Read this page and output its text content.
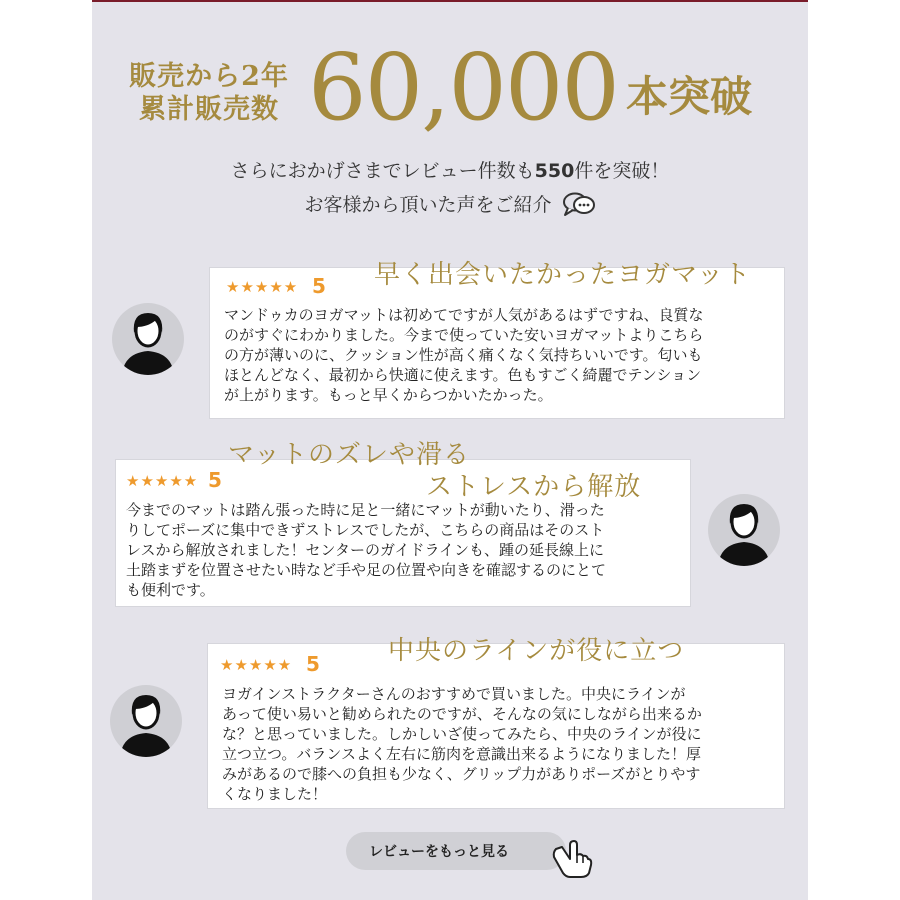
販売から2年
累計販売数 60,000 本突破
さらにおかげさまでレビュー件数も550件を突破！
お客様から頂いた声をご紹介
★★★★★ 5
マンドゥカのヨガマットは初めてですが人気があるはずですね、良質な
のがすぐにわかりました。今まで使っていた安いヨガマットよりこちら
の方が薄いのに、クッション性が高く痛くなく気持ちいいです。匂いも
ほとんどなく、最初から快適に使えます。色もすごく綺麗でテンション
が上がります。もっと早くからつかいたかった。
早く出会いたかったヨガマット
★★★★★ 5
今までのマットは踏ん張った時に足と一緒にマットが動いたり、滑った
りしてポーズに集中できずストレスでしたが、こちらの商品はそのスト
レスから解放されました！センターのガイドラインも、踵の延長線上に
土踏まずを位置させたい時など手や足の位置や向きを確認するのにとて
も便利です。
マットのズレや滑る
ストレスから解放
★★★★★ 5
ヨガインストラクターさんのおすすめで買いました。中央にラインが
あって使い易いと勧められたのですが、そんなの気にしながら出来るか
な？と思っていました。しかしいざ使ってみたら、中央のラインが役に
立つ立つ。バランスよく左右に筋肉を意識出来るようになりました！厚
みがあるので膝への負担も少なく、グリップ力がありポーズがとりやす
くなりました！
中央のラインが役に立つ
レビューをもっと見る
